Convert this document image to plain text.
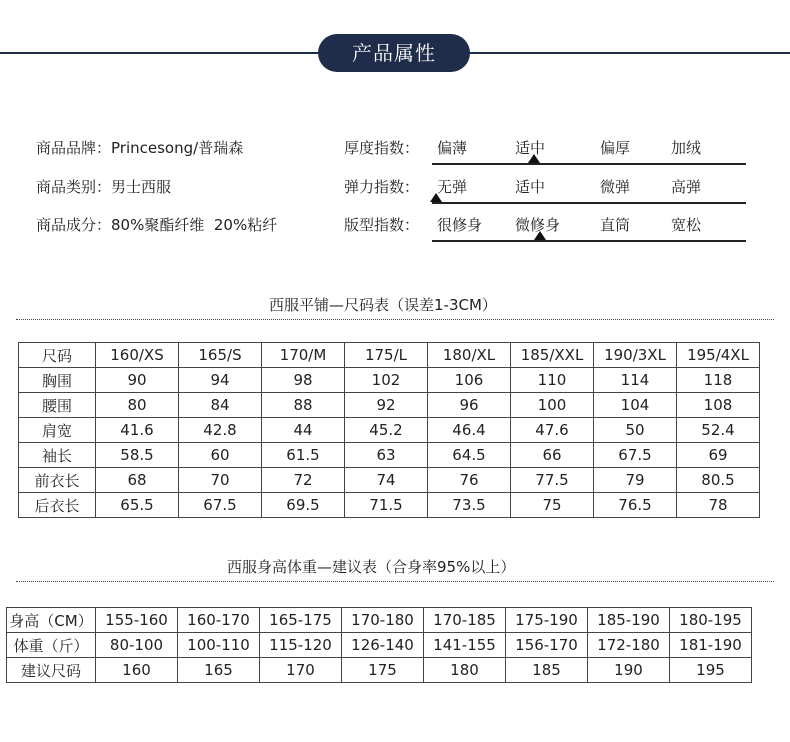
产品属性
商品品牌：Princesong/普瑞森
商品类别：男士西服
商品成分：80%聚酯纤维  20%粘纤
厚度指数： 偏薄	适中	偏厚	加绒
弹力指数： 无弹	适中	微弹	高弹
版型指数： 很修身 微修身	直筒	宽松
西服平铺—尺码表（误差1-3CM）
尺码	160/XS	165/S	170/M	175/L	180/XL	185/XXL	190/3XL	195/4XL
胸围	90	94	98	102	106	110	114	118
腰围	80	84	88	92	96	100	104	108
肩宽	41.6	42.8	44	45.2	46.4	47.6	50	52.4
袖长	58.5	60	61.5	63	64.5	66	67.5	69
前衣长	68	70	72	74	76	77.5	79	80.5
后衣长	65.5	67.5	69.5	71.5	73.5	75	76.5	78
西服身高体重—建议表（合身率95%以上）
身高（CM）	155-160	160-170	165-175	170-180	170-185	175-190	185-190	180-195
体重（斤）	80-100	100-110	115-120	126-140	141-155	156-170	172-180	181-190
建议尺码	160	165	170	175	180	185	190	195
